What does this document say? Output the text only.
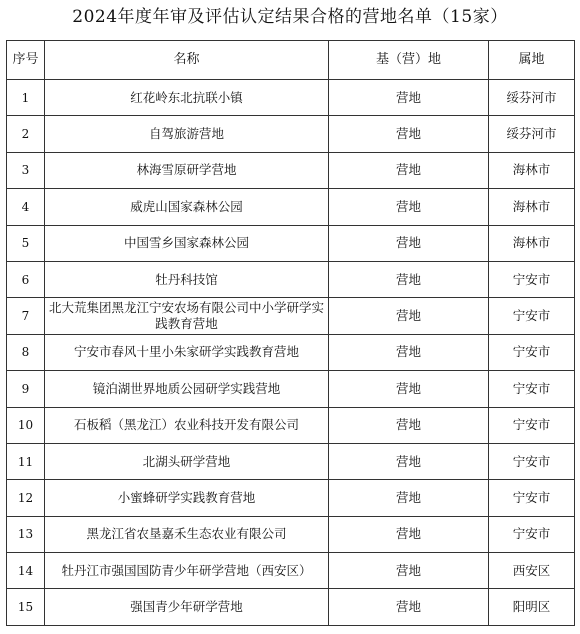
2024年度年审及评估认定结果合格的营地名单（15家）
序号	名称	基（营）地	属地
1	红花岭东北抗联小镇	营地	绥芬河市
2	自驾旅游营地	营地	绥芬河市
3	林海雪原研学营地	营地	海林市
4	威虎山国家森林公园	营地	海林市
5	中国雪乡国家森林公园	营地	海林市
6	牡丹科技馆	营地	宁安市
7	北大荒集团黑龙江宁安农场有限公司中小学研学实践教育营地	营地	宁安市
8	宁安市春风十里小朱家研学实践教育营地	营地	宁安市
9	镜泊湖世界地质公园研学实践营地	营地	宁安市
10	石板稻（黑龙江）农业科技开发有限公司	营地	宁安市
11	北湖头研学营地	营地	宁安市
12	小蜜蜂研学实践教育营地	营地	宁安市
13	黑龙江省农垦嘉禾生态农业有限公司	营地	宁安市
14	牡丹江市强国国防青少年研学营地（西安区）	营地	西安区
15	强国青少年研学营地	营地	阳明区
